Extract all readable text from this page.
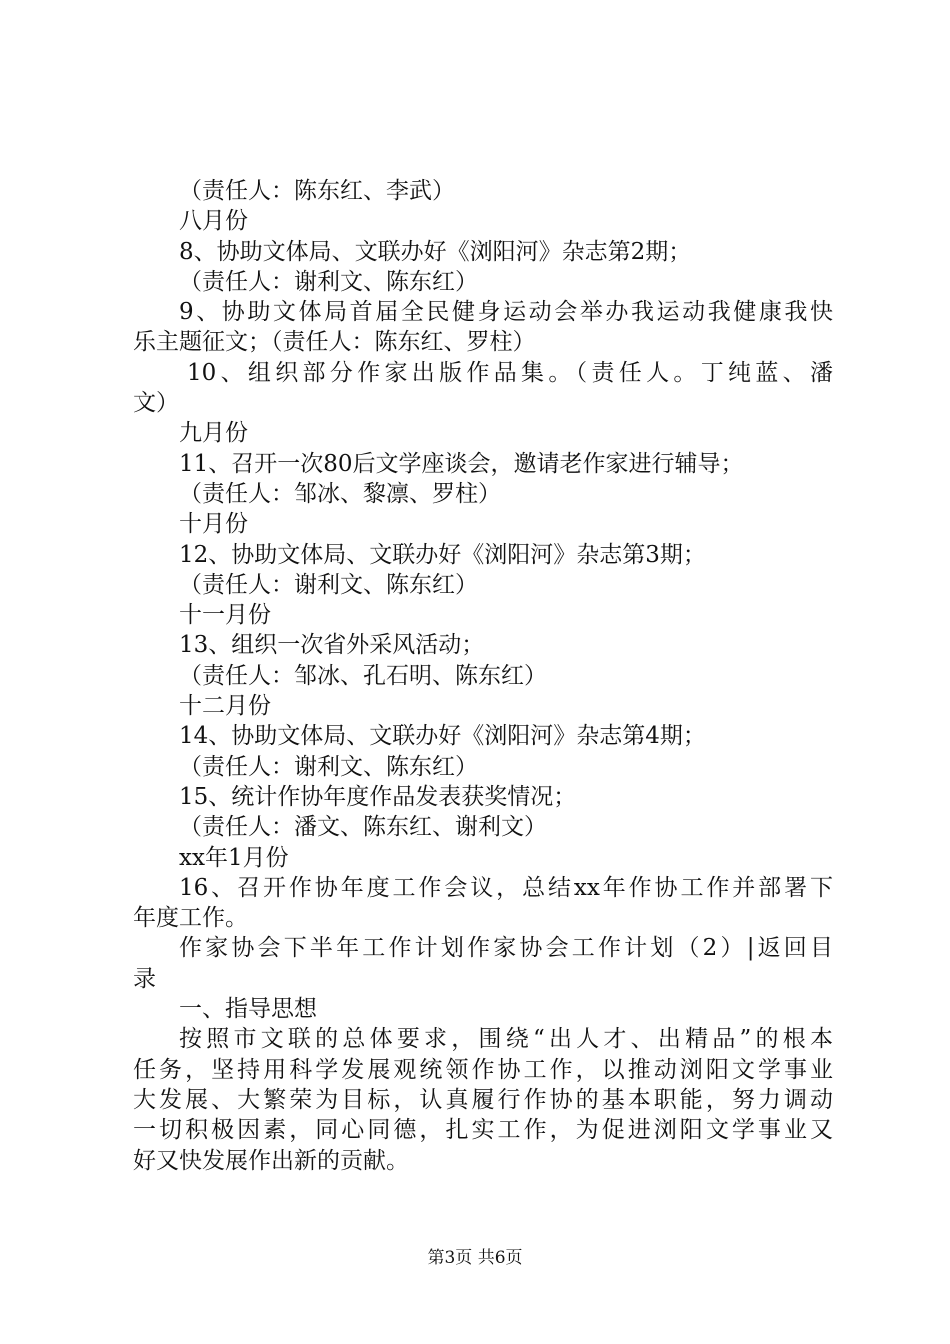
（责任人：陈东红、李武）
八月份
8、协助文体局、文联办好《浏阳河》杂志第2期；
（责任人：谢利文、陈东红）
9、协助文体局首届全民健身运动会举办我运动我健康我快
乐主题征文；（责任人：陈东红、罗柱）
10、组织部分作家出版作品集。（责任人。丁纯蓝、潘
文）
九月份
11、召开一次80后文学座谈会，邀请老作家进行辅导；
（责任人：邹冰、黎凛、罗柱）
十月份
12、协助文体局、文联办好《浏阳河》杂志第3期；
（责任人：谢利文、陈东红）
十一月份
13、组织一次省外采风活动；
（责任人：邹冰、孔石明、陈东红）
十二月份
14、协助文体局、文联办好《浏阳河》杂志第4期；
（责任人：谢利文、陈东红）
15、统计作协年度作品发表获奖情况；
（责任人：潘文、陈东红、谢利文）
xx年1月份
16、召开作协年度工作会议，总结xx年作协工作并部署下
年度工作。
作家协会下半年工作计划作家协会工作计划（2）|返回目
录
一、指导思想
按照市文联的总体要求，围绕“出人才、出精品”的根本
任务，坚持用科学发展观统领作协工作，以推动浏阳文学事业
大发展、大繁荣为目标，认真履行作协的基本职能，努力调动
一切积极因素，同心同德，扎实工作，为促进浏阳文学事业又
好又快发展作出新的贡献。
第3页 共6页
